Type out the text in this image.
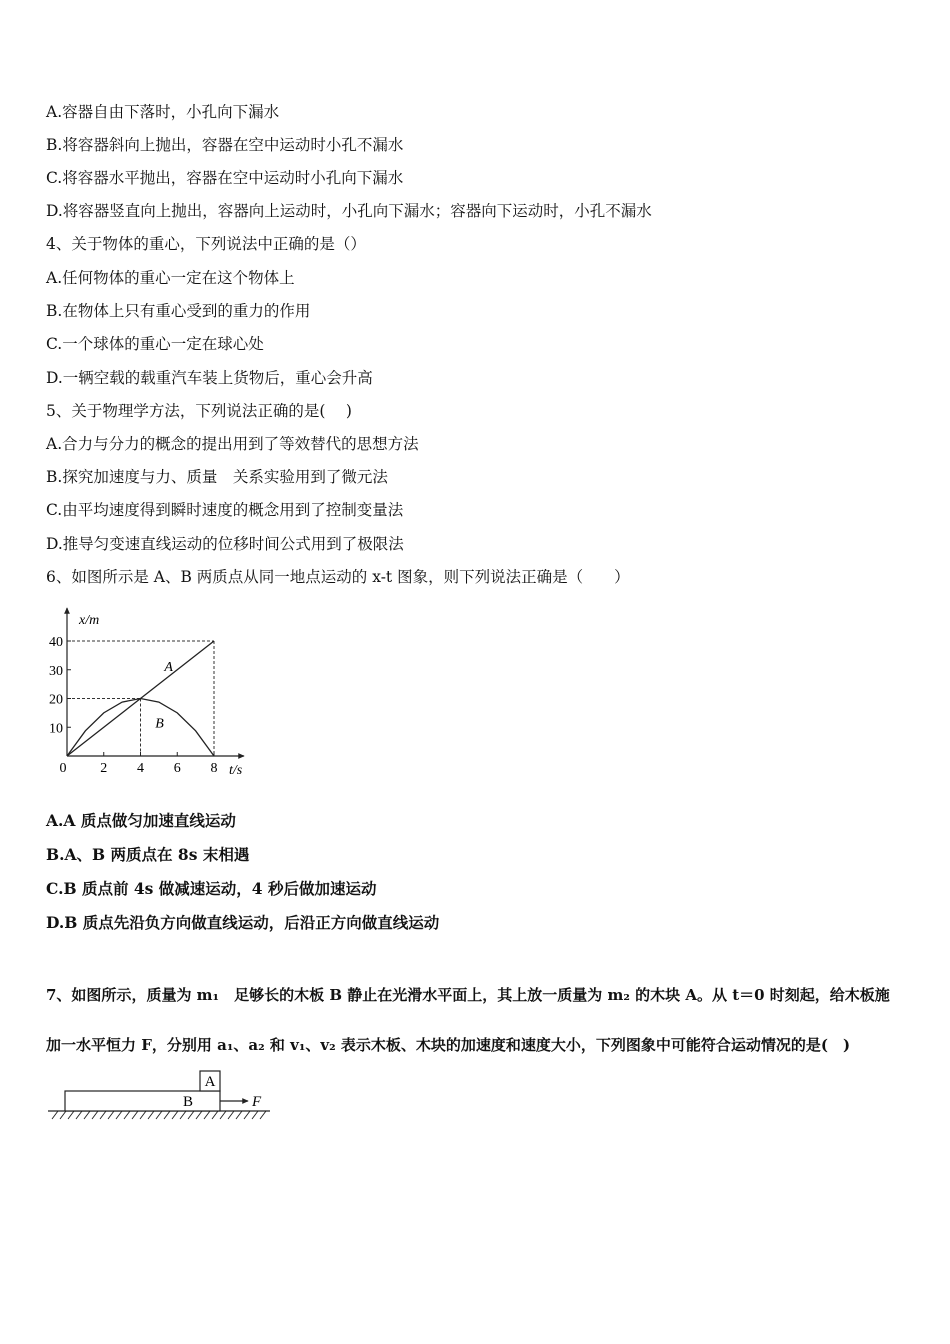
A.容器自由下落时，小孔向下漏水
B.将容器斜向上抛出，容器在空中运动时小孔不漏水
C.将容器水平抛出，容器在空中运动时小孔向下漏水
D.将容器竖直向上抛出，容器向上运动时，小孔向下漏水；容器向下运动时，小孔不漏水
4、关于物体的重心，下列说法中正确的是（）
A.任何物体的重心一定在这个物体上
B.在物体上只有重心受到的重力的作用
C.一个球体的重心一定在球心处
D.一辆空载的载重汽车装上货物后，重心会升高
5、关于物理学方法，下列说法正确的是(　 )
A.合力与分力的概念的提出用到了等效替代的思想方法
B.探究加速度与力、质量　关系实验用到了微元法
C.由平均速度得到瞬时速度的概念用到了控制变量法
D.推导匀变速直线运动的位移时间公式用到了极限法
6、如图所示是 A、B 两质点从同一地点运动的 x-t 图象，则下列说法正确是（　　）
0 2 4 6 8
10
20
30
40
A
B
t/s
x/m
A.A 质点做匀加速直线运动
B.A、B 两质点在 8s 末相遇
C.B 质点前 4s 做减速运动，4 秒后做加速运动
D.B 质点先沿负方向做直线运动，后沿正方向做直线运动
7、如图所示，质量为 m₁　足够长的木板 B 静止在光滑水平面上，其上放一质量为 m₂ 的木块 A。从 t＝0 时刻起，给木板施
加一水平恒力 F，分别用 a₁、a₂ 和 v₁、v₂ 表示木板、木块的加速度和速度大小，下列图象中可能符合运动情况的是(　)
B
A
F
